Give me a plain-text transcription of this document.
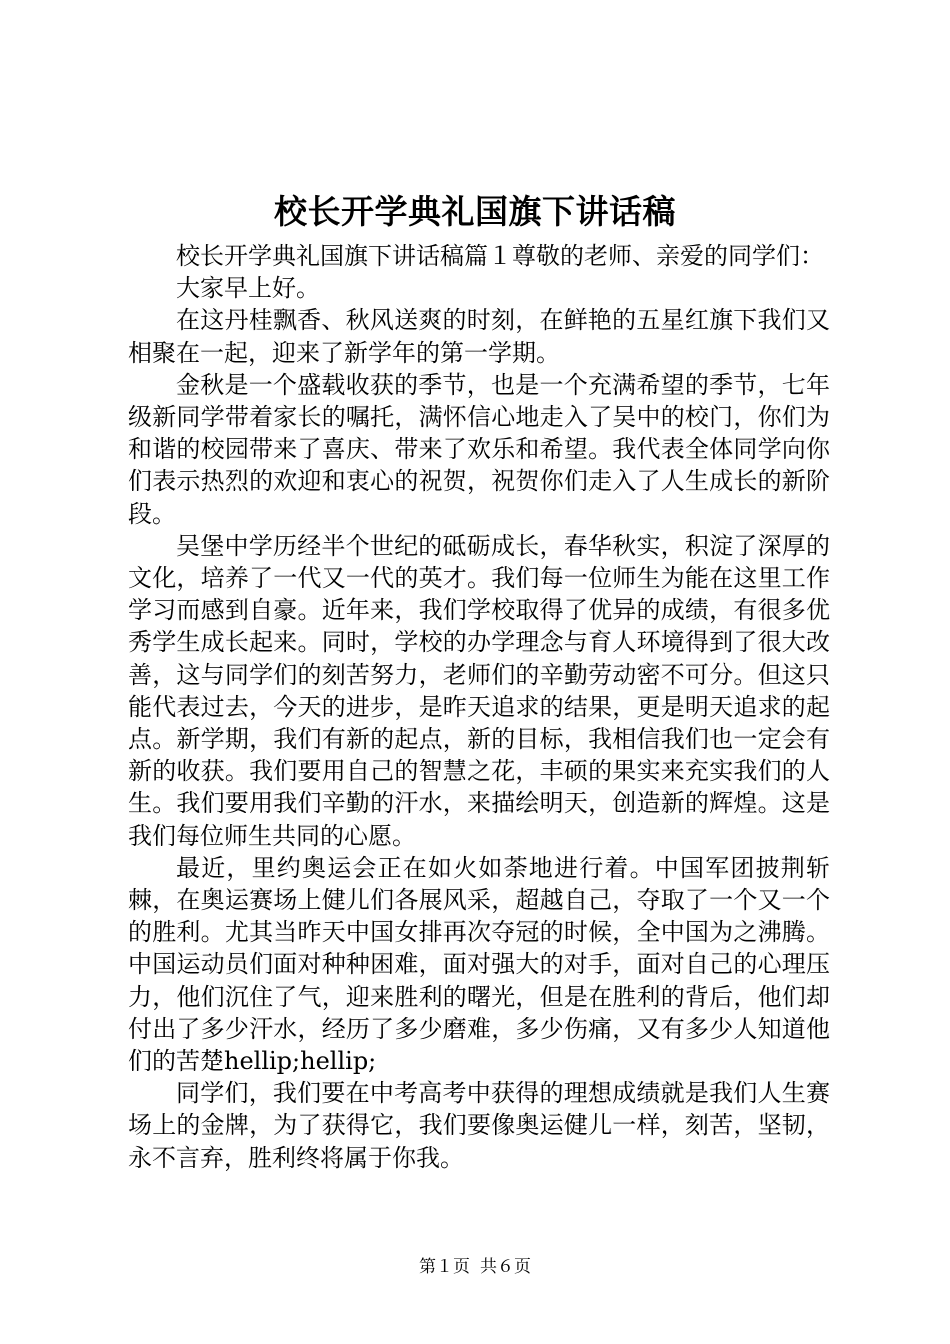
校长开学典礼国旗下讲话稿

校长开学典礼国旗下讲话稿篇１尊敬的老师、亲爱的同学们：

大家早上好。

在这丹桂飘香、秋风送爽的时刻，在鲜艳的五星红旗下我们又相聚在一起，迎来了新学年的第一学期。

金秋是一个盛载收获的季节，也是一个充满希望的季节，七年级新同学带着家长的嘱托，满怀信心地走入了吴中的校门，你们为和谐的校园带来了喜庆、带来了欢乐和希望。我代表全体同学向你们表示热烈的欢迎和衷心的祝贺，祝贺你们走入了人生成长的新阶段。

吴堡中学历经半个世纪的砥砺成长，春华秋实，积淀了深厚的文化，培养了一代又一代的英才。我们每一位师生为能在这里工作学习而感到自豪。近年来，我们学校取得了优异的成绩，有很多优秀学生成长起来。同时，学校的办学理念与育人环境得到了很大改善，这与同学们的刻苦努力，老师们的辛勤劳动密不可分。但这只能代表过去，今天的进步，是昨天追求的结果，更是明天追求的起点。新学期，我们有新的起点，新的目标，我相信我们也一定会有新的收获。我们要用自己的智慧之花，丰硕的果实来充实我们的人生。我们要用我们辛勤的汗水，来描绘明天，创造新的辉煌。这是我们每位师生共同的心愿。

最近，里约奥运会正在如火如荼地进行着。中国军团披荆斩棘，在奥运赛场上健儿们各展风采，超越自己，夺取了一个又一个的胜利。尤其当昨天中国女排再次夺冠的时候，全中国为之沸腾。中国运动员们面对种种困难，面对强大的对手，面对自己的心理压力，他们沉住了气，迎来胜利的曙光，但是在胜利的背后，他们却付出了多少汗水，经历了多少磨难，多少伤痛，又有多少人知道他们的苦楚hellip;hellip;

同学们，我们要在中考高考中获得的理想成绩就是我们人生赛场上的金牌，为了获得它，我们要像奥运健儿一样，刻苦，坚韧，永不言弃，胜利终将属于你我。

第１页 共６页
